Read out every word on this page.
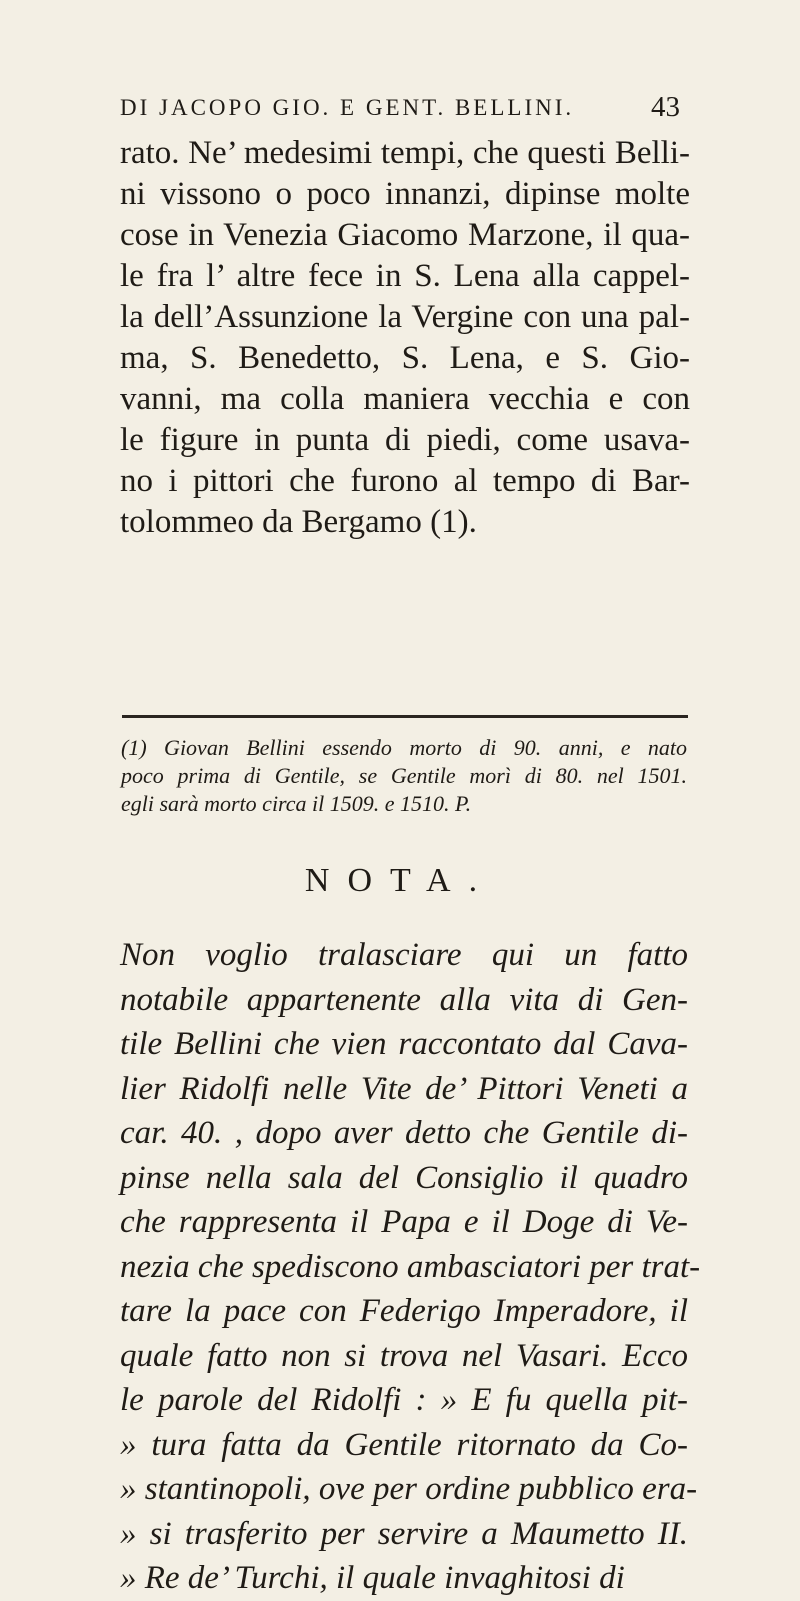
DI JACOPO GIO. E GENT. BELLINI.	43
rato. Ne’ medesimi tempi, che questi Belli-
ni vissono o poco innanzi, dipinse molte
cose in Venezia Giacomo Marzone, il qua-
le fra l’ altre fece in S. Lena alla cappel-
la dell’Assunzione la Vergine con una pal-
ma, S. Benedetto, S. Lena, e S. Gio-
vanni, ma colla maniera vecchia e con
le figure in punta di piedi, come usava-
no i pittori che furono al tempo di Bar-
tolommeo da Bergamo (1).
(1) Giovan Bellini essendo morto di 90. anni, e nato
poco prima di Gentile, se Gentile morì di 80. nel 1501.
egli sarà morto circa il 1509. e 1510. P.
NOTA.
Non voglio tralasciare qui un fatto
notabile appartenente alla vita di Gen-
tile Bellini che vien raccontato dal Cava-
lier Ridolfi nelle Vite de’ Pittori Veneti a
car. 40. , dopo aver detto che Gentile di-
pinse nella sala del Consiglio il quadro
che rappresenta il Papa e il Doge di Ve-
nezia che spediscono ambasciatori per trat-
tare la pace con Federigo Imperadore, il
quale fatto non si trova nel Vasari. Ecco
le parole del Ridolfi : » E fu quella pit-
» tura fatta da Gentile ritornato da Co-
» stantinopoli, ove per ordine pubblico era-
» si trasferito per servire a Maumetto II.
» Re de’ Turchi, il quale invaghitosi di
